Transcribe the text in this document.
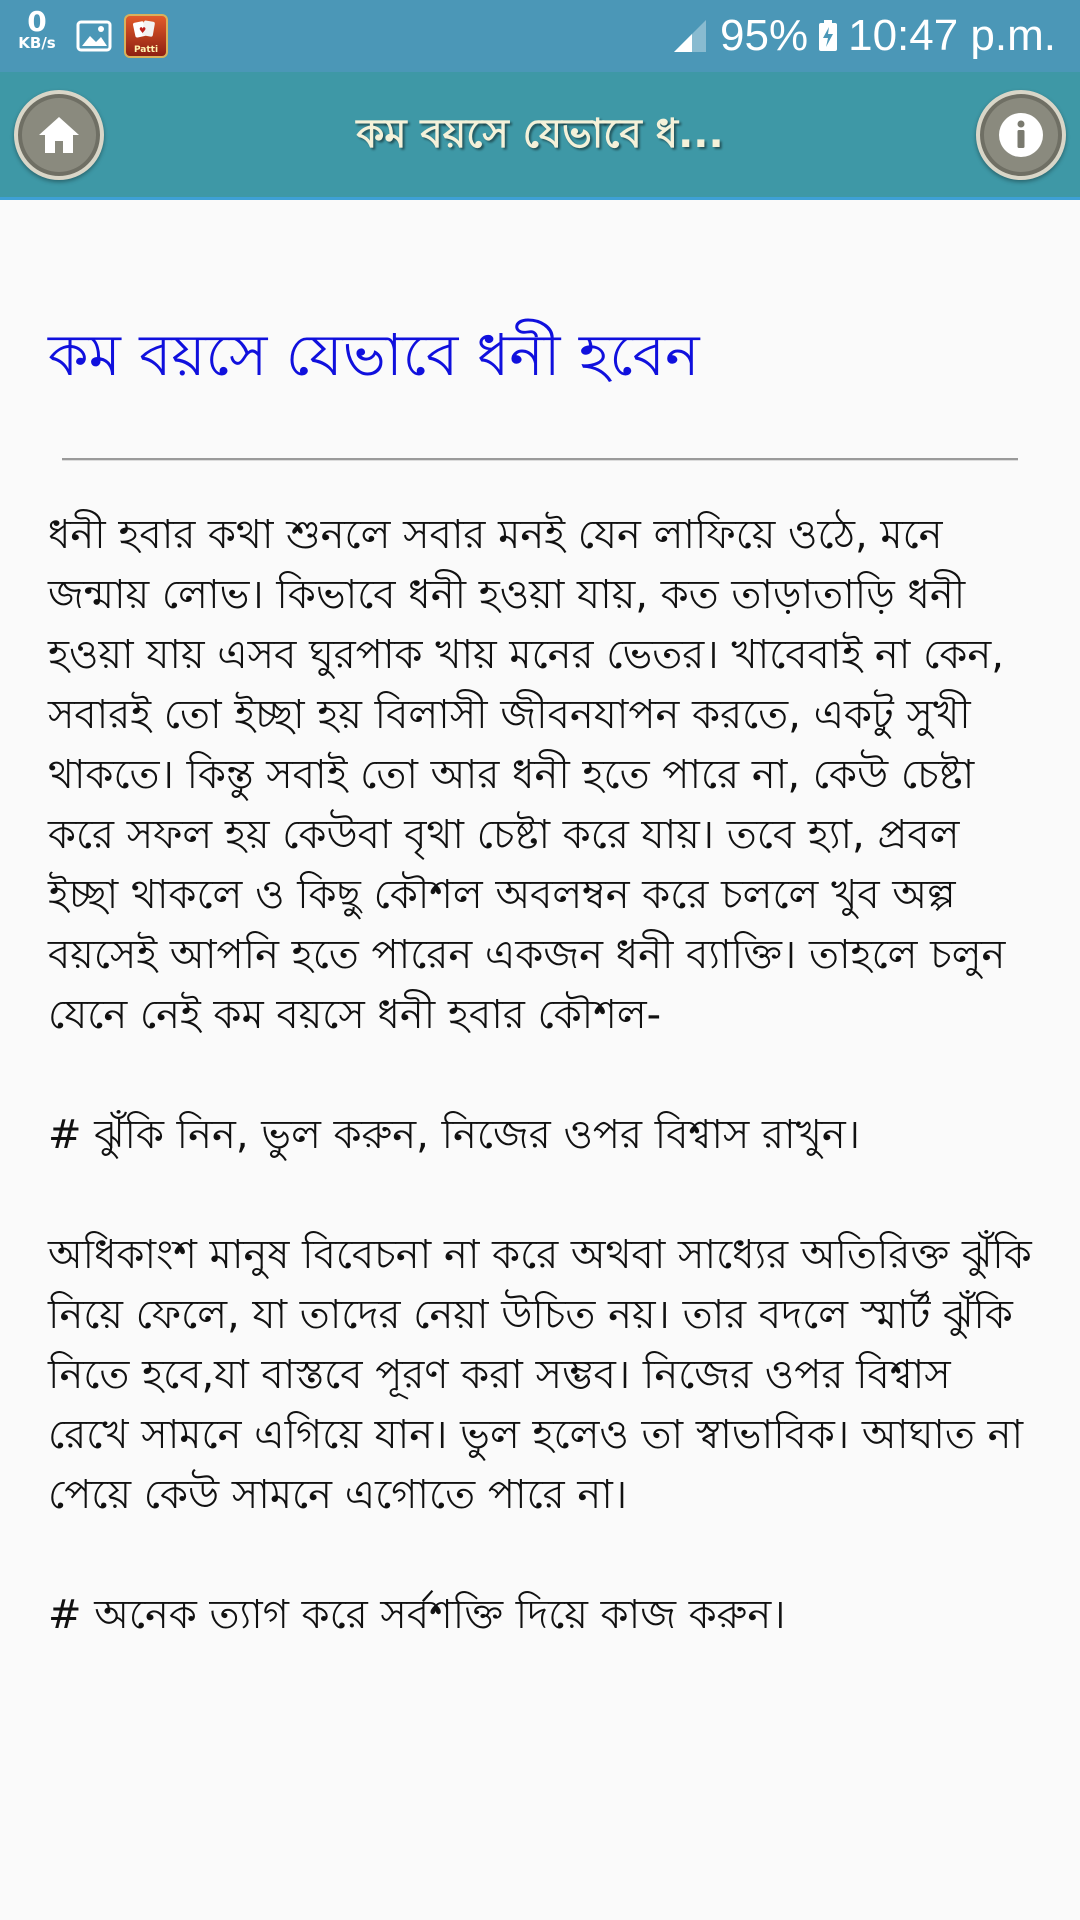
0
KB/s
♥
Patti	95% 10:47 p.m.
কম বয়সে যেভাবে ধ...
কম বয়সে যেভাবে ধনী হবেন

ধনী হবার কথা শুনলে সবার মনই যেন লাফিয়ে ওঠে, মনে জন্মায় লোভ। কিভাবে ধনী হওয়া যায়, কত তাড়াতাড়ি ধনী হওয়া যায় এসব ঘুরপাক খায় মনের ভেতর। খাবেবাই না কেন, সবারই তো ইচ্ছা হয় বিলাসী জীবনযাপন করতে, একটু সুখী থাকতে। কিন্তু সবাই তো আর ধনী হতে পারে না, কেউ চেষ্টা করে সফল হয় কেউবা বৃথা চেষ্টা করে যায়। তবে হ্যা, প্রবল ইচ্ছা থাকলে ও কিছু কৌশল অবলম্বন করে চললে খুব অল্প বয়সেই আপনি হতে পারেন একজন ধনী ব্যাক্তি। তাহলে চলুন যেনে নেই কম বয়সে ধনী হবার কৌশল-

# ঝুঁকি নিন, ভুল করুন, নিজের ওপর বিশ্বাস রাখুন।

অধিকাংশ মানুষ বিবেচনা না করে অথবা সাধ্যের অতিরিক্ত ঝুঁকি নিয়ে ফেলে, যা তাদের নেয়া উচিত নয়। তার বদলে স্মার্ট ঝুঁকি নিতে হবে,যা বাস্তবে পূরণ করা সম্ভব। নিজের ওপর বিশ্বাস রেখে সামনে এগিয়ে যান। ভুল হলেও তা স্বাভাবিক। আঘাত না পেয়ে কেউ সামনে এগোতে পারে না।

# অনেক ত্যাগ করে সর্বশক্তি দিয়ে কাজ করুন।
